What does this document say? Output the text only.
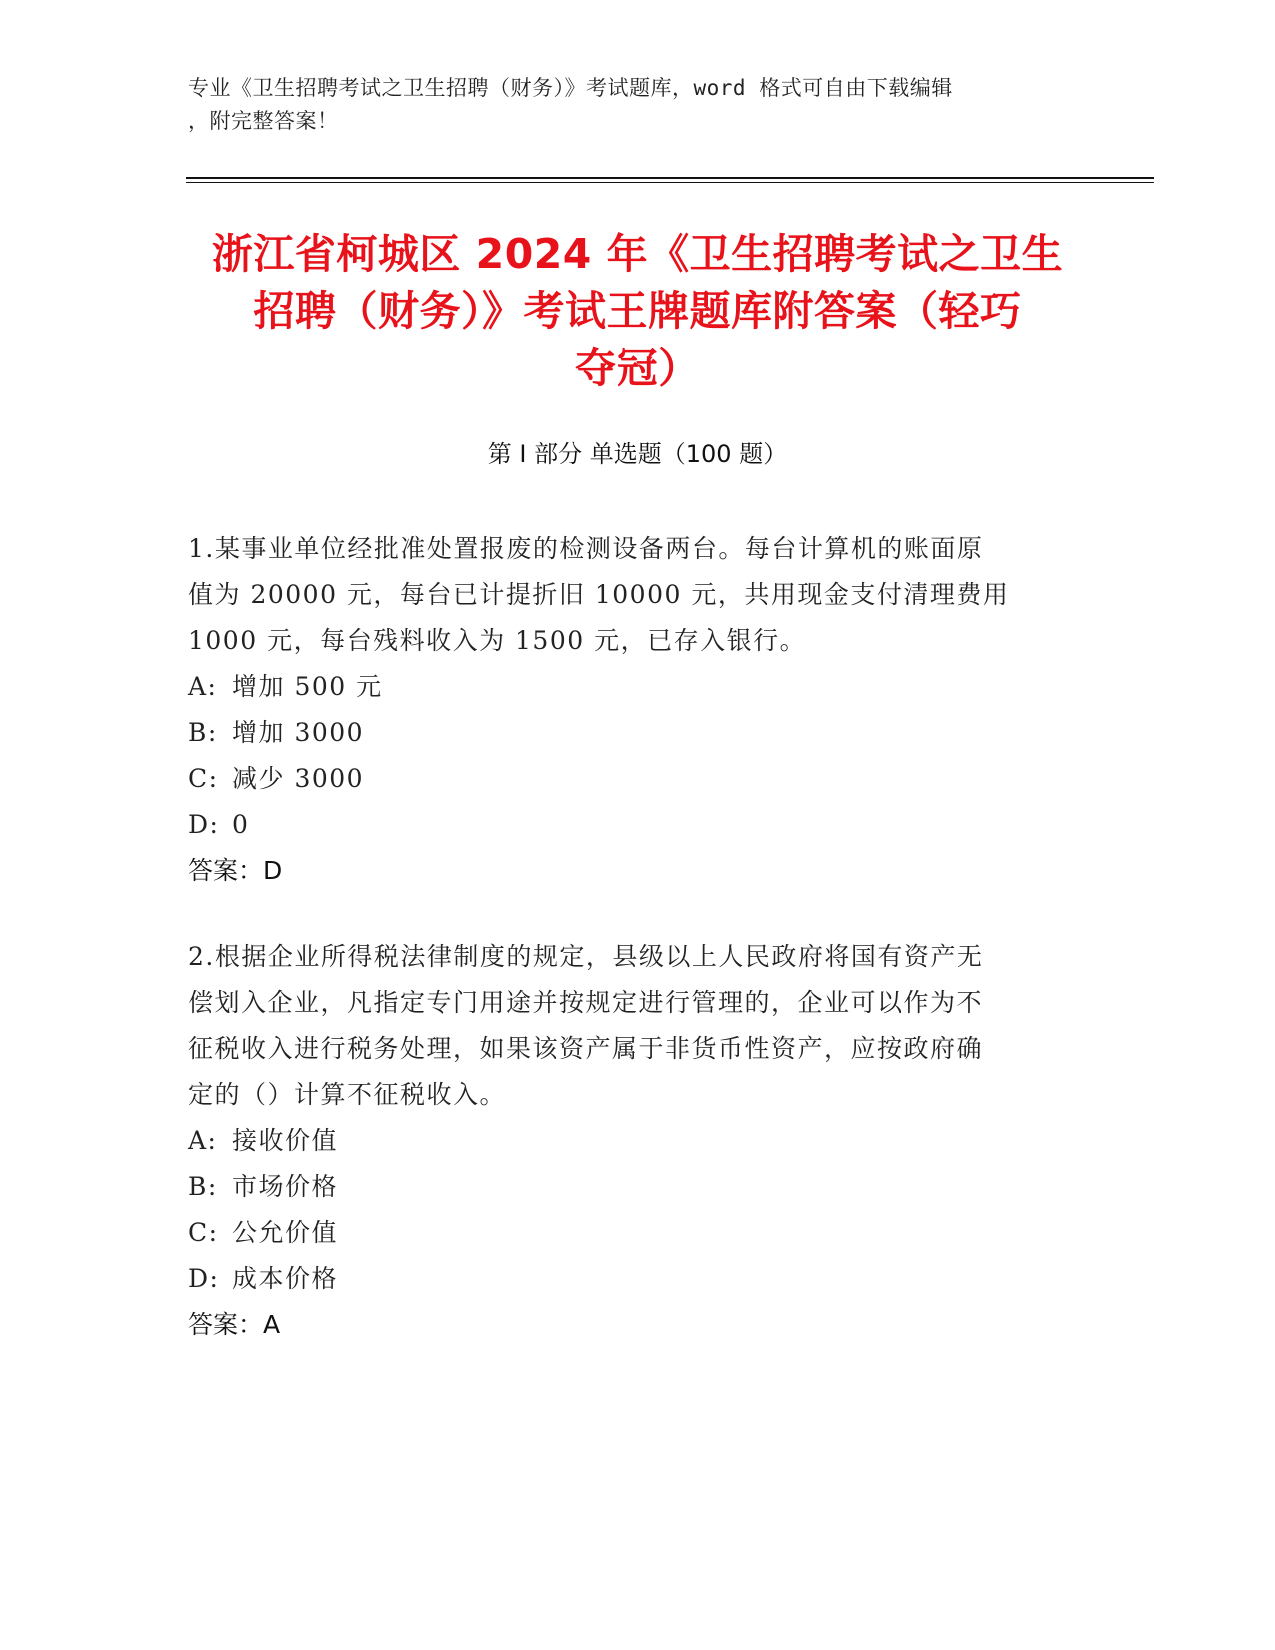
专业《卫生招聘考试之卫生招聘（财务）》考试题库，word 格式可自由下载编辑
，附完整答案！
浙江省柯城区 2024 年《卫生招聘考试之卫生
招聘（财务）》考试王牌题库附答案（轻巧
夺冠）
第 I 部分 单选题（100 题）
1.某事业单位经批准处置报废的检测设备两台。每台计算机的账面原
值为 20000 元，每台已计提折旧 10000 元，共用现金支付清理费用
1000 元，每台残料收入为 1500 元，已存入银行。
A: 增加 500 元
B: 增加 3000
C: 减少 3000
D: 0
答案：D
2.根据企业所得税法律制度的规定，县级以上人民政府将国有资产无
偿划入企业，凡指定专门用途并按规定进行管理的，企业可以作为不
征税收入进行税务处理，如果该资产属于非货币性资产，应按政府确
定的（）计算不征税收入。
A: 接收价值
B: 市场价格
C: 公允价值
D: 成本价格
答案：A
